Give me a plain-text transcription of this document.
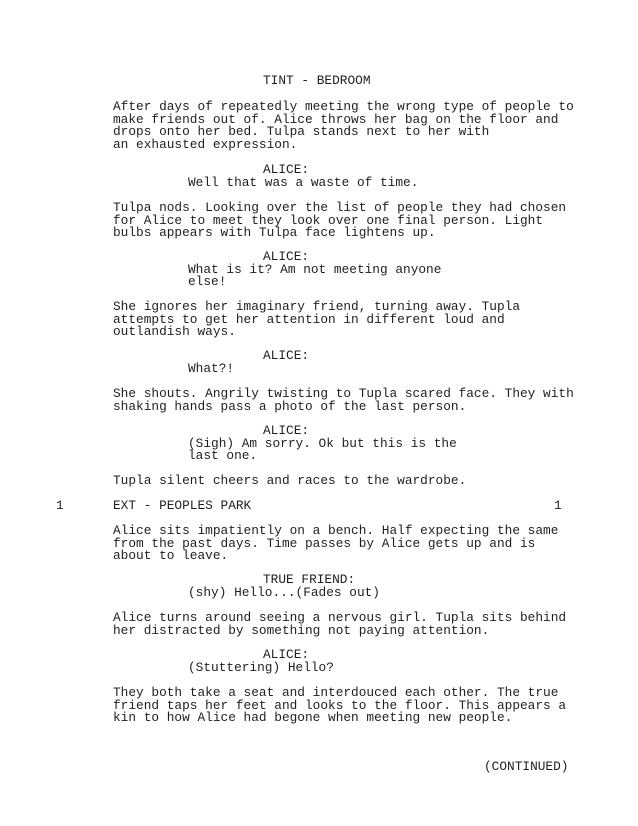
TINT - BEDROOM
After days of repeatedly meeting the wrong type of people to
make friends out of. Alice throws her bag on the floor and
drops onto her bed. Tulpa stands next to her with
an exhausted expression.
ALICE:
Well that was a waste of time.
Tulpa nods. Looking over the list of people they had chosen
for Alice to meet they look over one final person. Light
bulbs appears with Tulpa face lightens up.
ALICE:
What is it? Am not meeting anyone
else!
She ignores her imaginary friend, turning away. Tupla
attempts to get her attention in different loud and
outlandish ways.
ALICE:
What?!
She shouts. Angrily twisting to Tupla scared face. They with
shaking hands pass a photo of the last person.
ALICE:
(Sigh) Am sorry. Ok but this is the
last one.
Tupla silent cheers and races to the wardrobe.
1	EXT - PEOPLES PARK	1
Alice sits impatiently on a bench. Half expecting the same
from the past days. Time passes by Alice gets up and is
about to leave.
TRUE FRIEND:
(shy) Hello...(Fades out)
Alice turns around seeing a nervous girl. Tupla sits behind
her distracted by something not paying attention.
ALICE:
(Stuttering) Hello?
They both take a seat and interdouced each other. The true
friend taps her feet and looks to the floor. This appears a
kin to how Alice had begone when meeting new people.
(CONTINUED)
